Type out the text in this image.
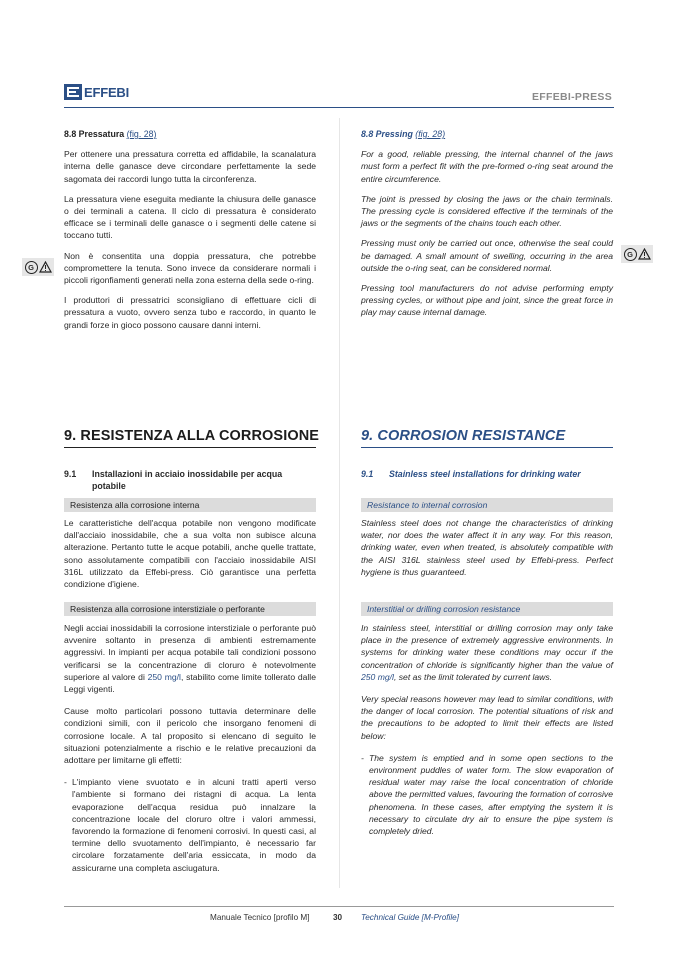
EFFEBI	EFFEBI-PRESS
8.8 Pressatura (fig. 28)

Per ottenere una pressatura corretta ed affidabile, la scanalatura interna delle ganasce deve circondare perfettamente la sede sagomata dei raccordi lungo tutta la circonferenza.

La pressatura viene eseguita mediante la chiusura delle ganasce o dei terminali a catena. Il ciclo di pressatura è considerato efficace se i terminali delle ganasce o i segmenti delle catene si toccano tutti.

Non è consentita una doppia pressatura, che potrebbe compromettere la tenuta. Sono invece da considerare normali i piccoli rigonfiamenti generati nella zona esterna della sede o-ring.

I produttori di pressatrici sconsigliano di effettuare cicli di pressatura a vuoto, ovvero senza tubo e raccordo, in quanto le grandi forze in gioco possono causare danni interni.

8.8 Pressing (fig. 28)

For a good, reliable pressing, the internal channel of the jaws must form a perfect fit with the pre-formed o-ring seat around the entire circumference.

The joint is pressed by closing the jaws or the chain terminals. The pressing cycle is considered effective if the terminals of the jaws or the segments of the chains touch each other.

Pressing must only be carried out once, otherwise the seal could be damaged. A small amount of swelling, occurring in the area outside the o-ring seat, can be considered normal.

Pressing tool manufacturers do not advise performing empty pressing cycles, or without pipe and joint, since the great force in play may cause internal damage.

G
G
9. RESISTENZA ALLA CORROSIONE	9. CORROSION RESISTANCE
9.1	Installazioni in acciaio inossidabile per acqua potabile
9.1	Stainless steel installations for drinking water
Resistenza alla corrosione interna

Le caratteristiche dell'acqua potabile non vengono modificate dall'acciaio inossidabile, che a sua volta non subisce alcuna alterazione. Pertanto tutte le acque potabili, anche quelle trattate, sono assolutamente compatibili con l'acciaio inossidabile AISI 316L utilizzato da Effebi-press. Ciò garantisce una perfetta condizione d'igiene.

Resistenza alla corrosione interstiziale o perforante

Negli acciai inossidabili la corrosione interstiziale o perforante può avvenire soltanto in presenza di ambienti estremamente aggressivi. In impianti per acqua potabile tali condizioni possono verificarsi se la concentrazione di cloruro è notevolmente superiore al valore di 250 mg/l, stabilito come limite tollerato dalle Leggi vigenti.

Cause molto particolari possono tuttavia determinare delle condizioni simili, con il pericolo che insorgano fenomeni di corrosione locale. A tal proposito si elencano di seguito le situazioni potenzialmente a rischio e le relative precauzioni da adottare per limitarne gli effetti:

- L'impianto viene svuotato e in alcuni tratti aperti verso l'ambiente si formano dei ristagni di acqua. La lenta evaporazione dell'acqua residua può innalzare la concentrazione locale del cloruro oltre i valori ammessi, favorendo la formazione di fenomeni corrosivi. In questi casi, al termine dello svuotamento dell'impianto, è necessario far circolare forzatamente dell'aria essiccata, in modo da assicurarne una completa asciugatura.
Resistance to internal corrosion

Stainless steel does not change the characteristics of drinking water, nor does the water affect it in any way. For this reason, drinking water, even when treated, is absolutely compatible with the AISI 316L stainless steel used by Effebi-press. Perfect hygiene is thus guaranteed.

Interstitial or drilling corrosion resistance

In stainless steel, interstitial or drilling corrosion may only take place in the presence of extremely aggressive environments. In systems for drinking water these conditions may occur if the concentration of chloride is significantly higher than the value of 250 mg/l, set as the limit tolerated by current laws.

Very special reasons however may lead to similar conditions, with the danger of local corrosion. The potential situations of risk and the precautions to be adopted to limit their effects are listed below:

- The system is emptied and in some open sections to the environment puddles of water form. The slow evaporation of residual water may raise the local concentration of chloride above the permitted values, favouring the formation of corrosive phenomena. In these cases, after emptying the system it is necessary to circulate dry air to ensure the pipe system is completely dried.
Manuale Tecnico [profilo M]	30 Technical Guide [M-Profile]
